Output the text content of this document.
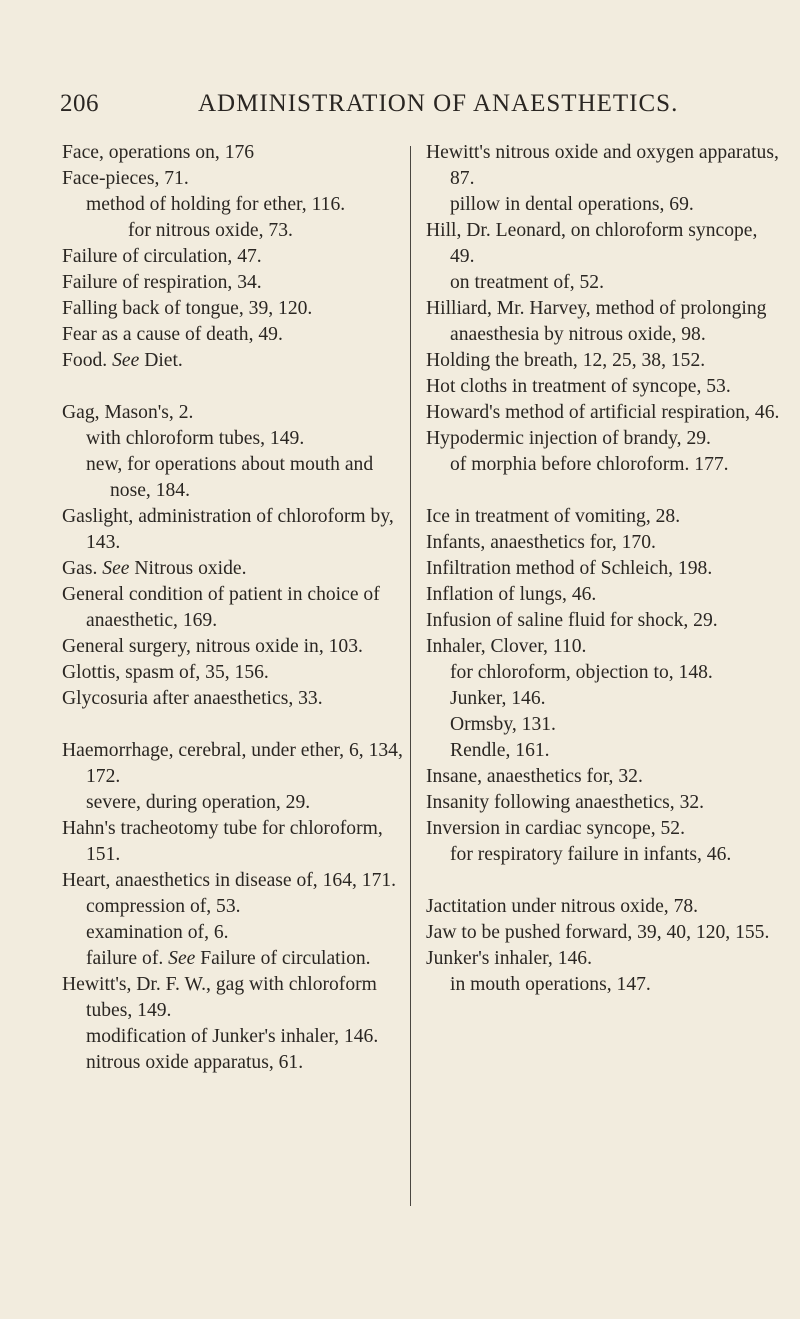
206	ADMINISTRATION OF ANAESTHETICS.
Face, operations on, 176
Face-pieces, 71.
method of holding for ether, 116.
for nitrous oxide, 73.
Failure of circulation, 47.
Failure of respiration, 34.
Falling back of tongue, 39, 120.
Fear as a cause of death, 49.
Food. See Diet.
Gag, Mason's, 2.
with chloroform tubes, 149.
new, for operations about mouth and nose, 184.
Gaslight, administration of chloroform by, 143.
Gas. See Nitrous oxide.
General condition of patient in choice of anaesthetic, 169.
General surgery, nitrous oxide in, 103.
Glottis, spasm of, 35, 156.
Glycosuria after anaesthetics, 33.
Haemorrhage, cerebral, under ether, 6, 134, 172.
severe, during operation, 29.
Hahn's tracheotomy tube for chloroform, 151.
Heart, anaesthetics in disease of, 164, 171.
compression of, 53.
examination of, 6.
failure of. See Failure of circulation.
Hewitt's, Dr. F. W., gag with chloroform tubes, 149.
modification of Junker's inhaler, 146.
nitrous oxide apparatus, 61.
Hewitt's nitrous oxide and oxygen apparatus, 87.
pillow in dental operations, 69.
Hill, Dr. Leonard, on chloroform syncope, 49.
on treatment of, 52.
Hilliard, Mr. Harvey, method of prolonging anaesthesia by nitrous oxide, 98.
Holding the breath, 12, 25, 38, 152.
Hot cloths in treatment of syncope, 53.
Howard's method of artificial respiration, 46.
Hypodermic injection of brandy, 29.
of morphia before chloroform. 177.
Ice in treatment of vomiting, 28.
Infants, anaesthetics for, 170.
Infiltration method of Schleich, 198.
Inflation of lungs, 46.
Infusion of saline fluid for shock, 29.
Inhaler, Clover, 110.
for chloroform, objection to, 148.
Junker, 146.
Ormsby, 131.
Rendle, 161.
Insane, anaesthetics for, 32.
Insanity following anaesthetics, 32.
Inversion in cardiac syncope, 52.
for respiratory failure in infants, 46.
Jactitation under nitrous oxide, 78.
Jaw to be pushed forward, 39, 40, 120, 155.
Junker's inhaler, 146.
in mouth operations, 147.
